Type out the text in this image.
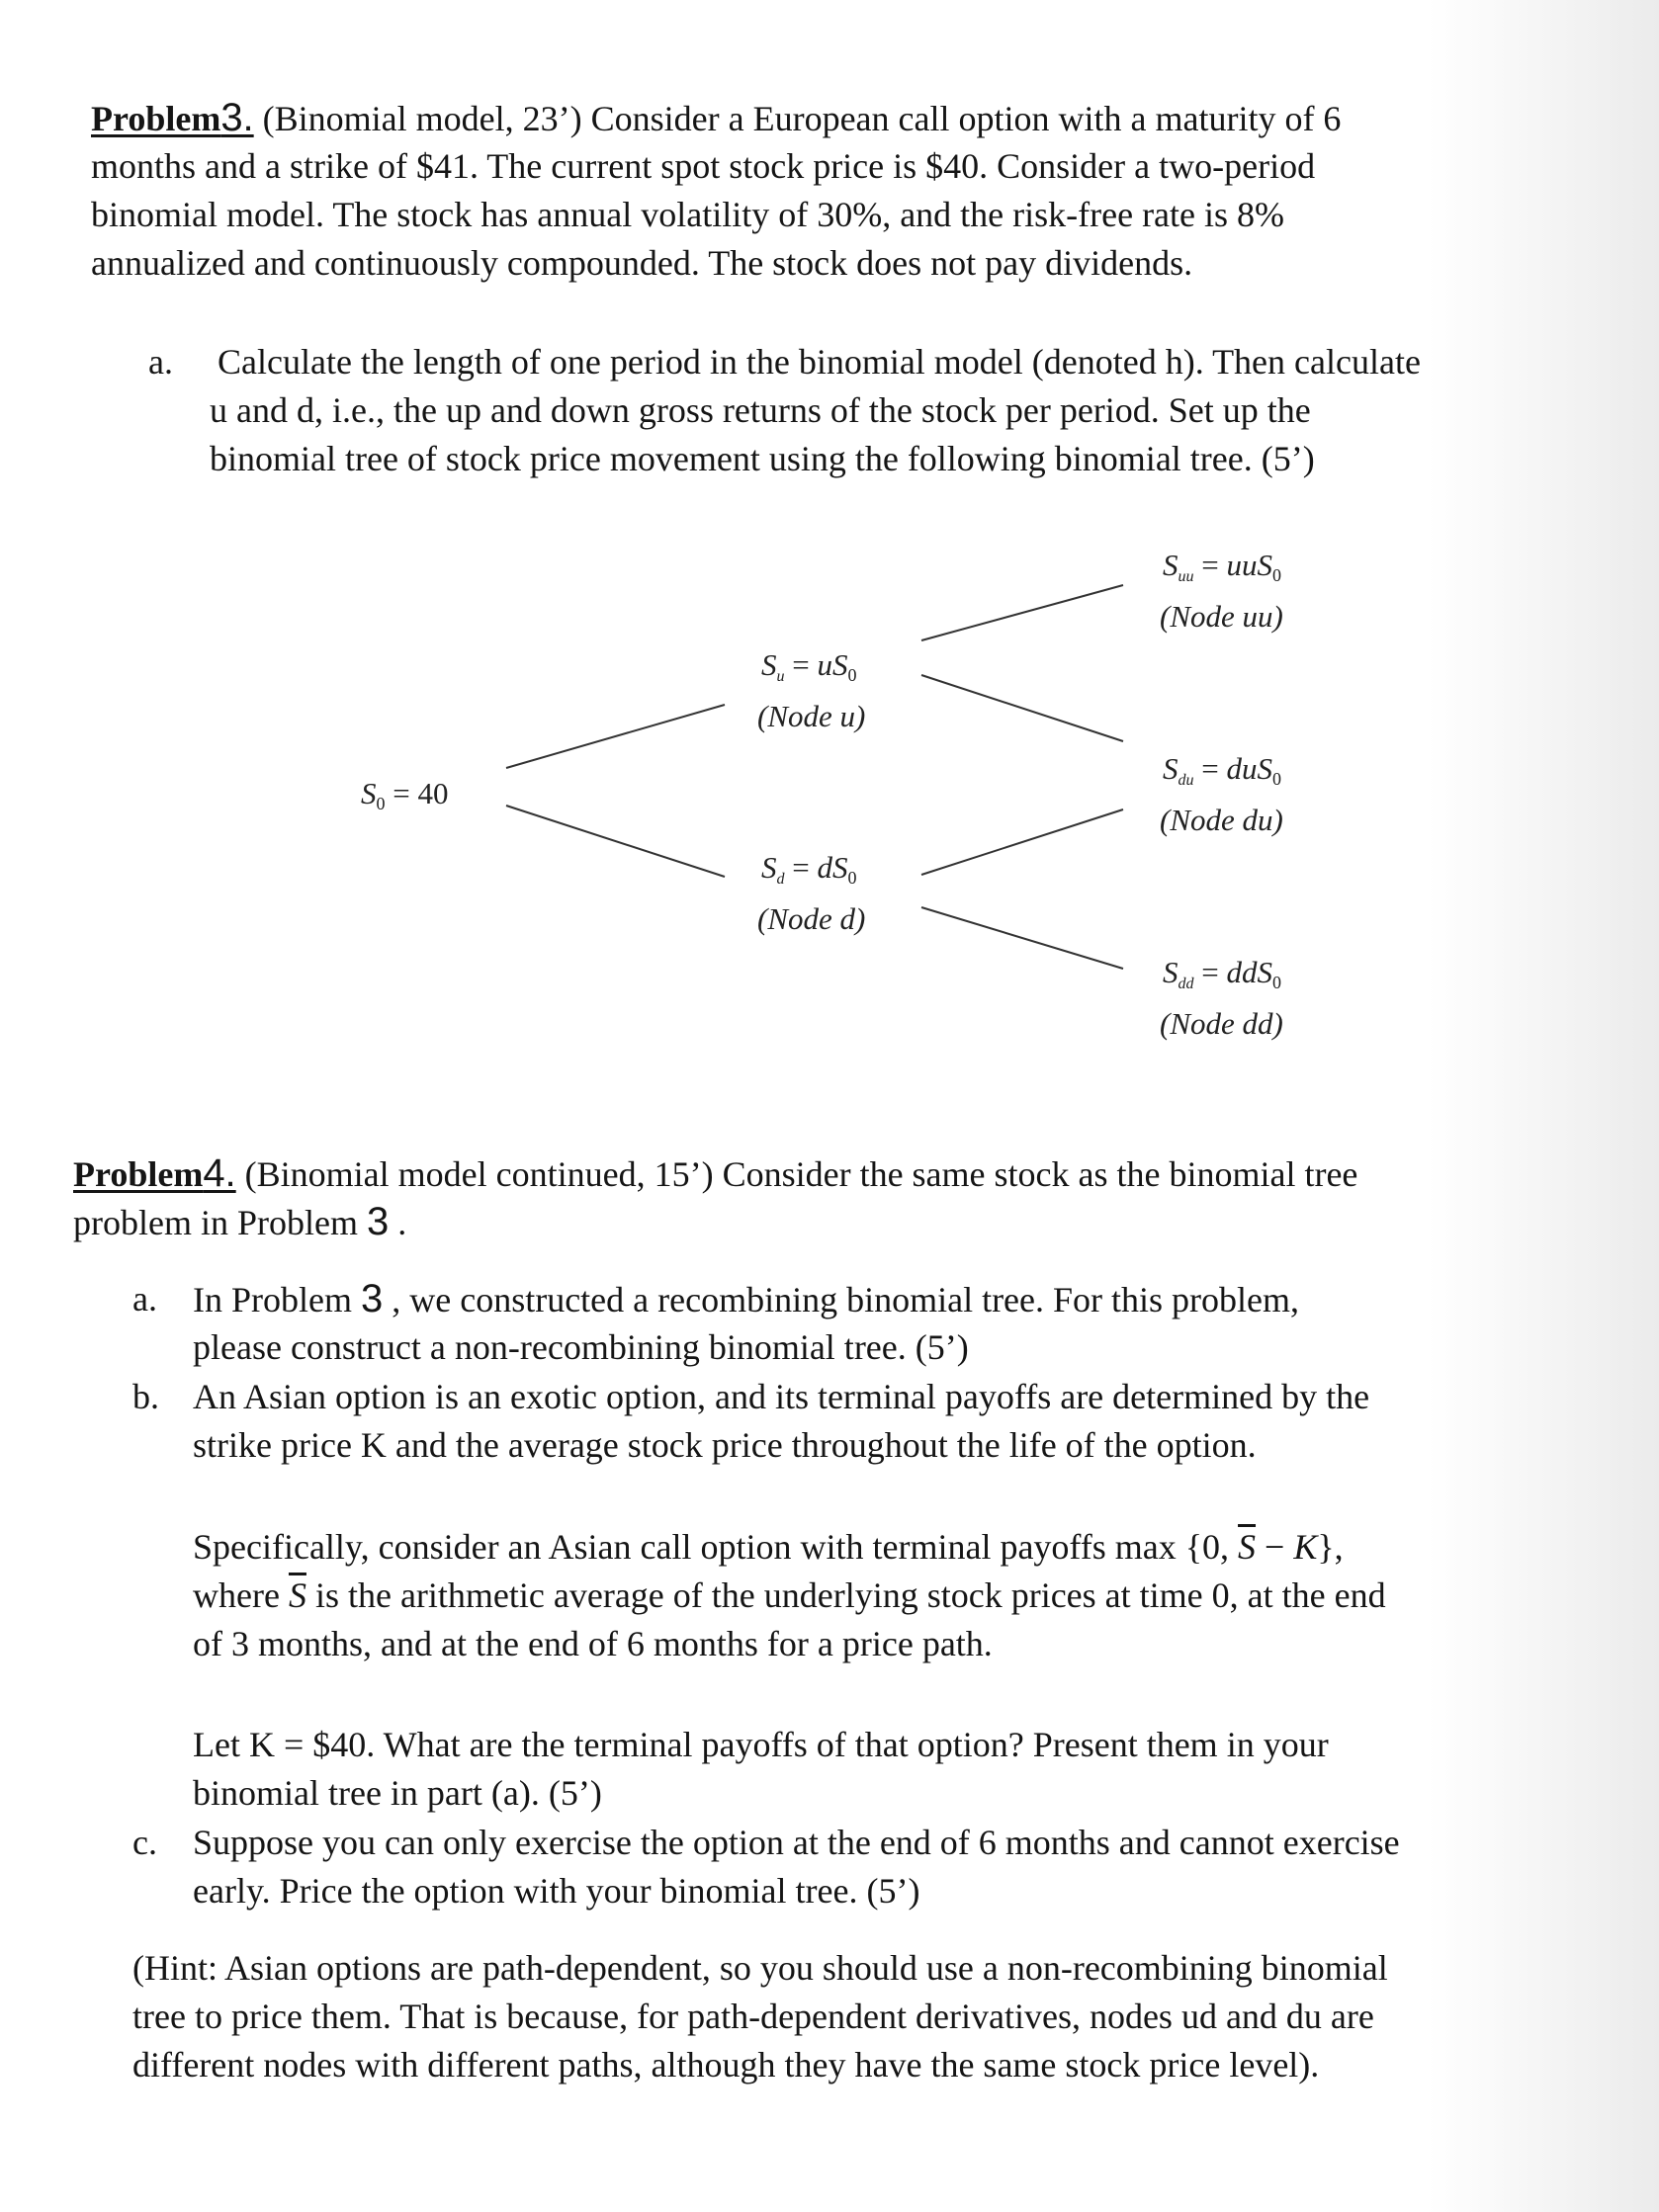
Problem3. (Binomial model, 23’) Consider a European call option with a maturity of 6
months and a strike of $41. The current spot stock price is $40. Consider a two-period
binomial model. The stock has annual volatility of 30%, and the risk-free rate is 8%
annualized and continuously compounded. The stock does not pay dividends.
a. Calculate the length of one period in the binomial model (denoted h). Then calculate
u and d, i.e., the up and down gross returns of the stock per period. Set up the
binomial tree of stock price movement using the following binomial tree. (5’)
S0 = 40
$S_u = uS0$
(Node u)
$S_d = dS0$
(Node d)
$S_{uu} = uuS0$
(Node uu)
$S_{du} = duS0$
(Node du)
$S_{dd} = ddS0$
(Node dd)
Problem4. (Binomial model continued, 15’) Consider the same stock as the binomial tree
problem in Problem 3 .
a. In Problem 3 , we constructed a recombining binomial tree. For this problem,
please construct a non-recombining binomial tree. (5’)
b. An Asian option is an exotic option, and its terminal payoffs are determined by the
strike price K and the average stock price throughout the life of the option.
Specifically, consider an Asian call option with terminal payoffs max {0, $\overline{S} - K$},
where $\overline{S}$ is the arithmetic average of the underlying stock prices at time 0, at the end
of 3 months, and at the end of 6 months for a price path.
Let K = $40. What are the terminal payoffs of that option? Present them in your
binomial tree in part (a). (5’)
c. Suppose you can only exercise the option at the end of 6 months and cannot exercise
early. Price the option with your binomial tree. (5’)
(Hint: Asian options are path-dependent, so you should use a non-recombining binomial
tree to price them. That is because, for path-dependent derivatives, nodes ud and du are
different nodes with different paths, although they have the same stock price level).
